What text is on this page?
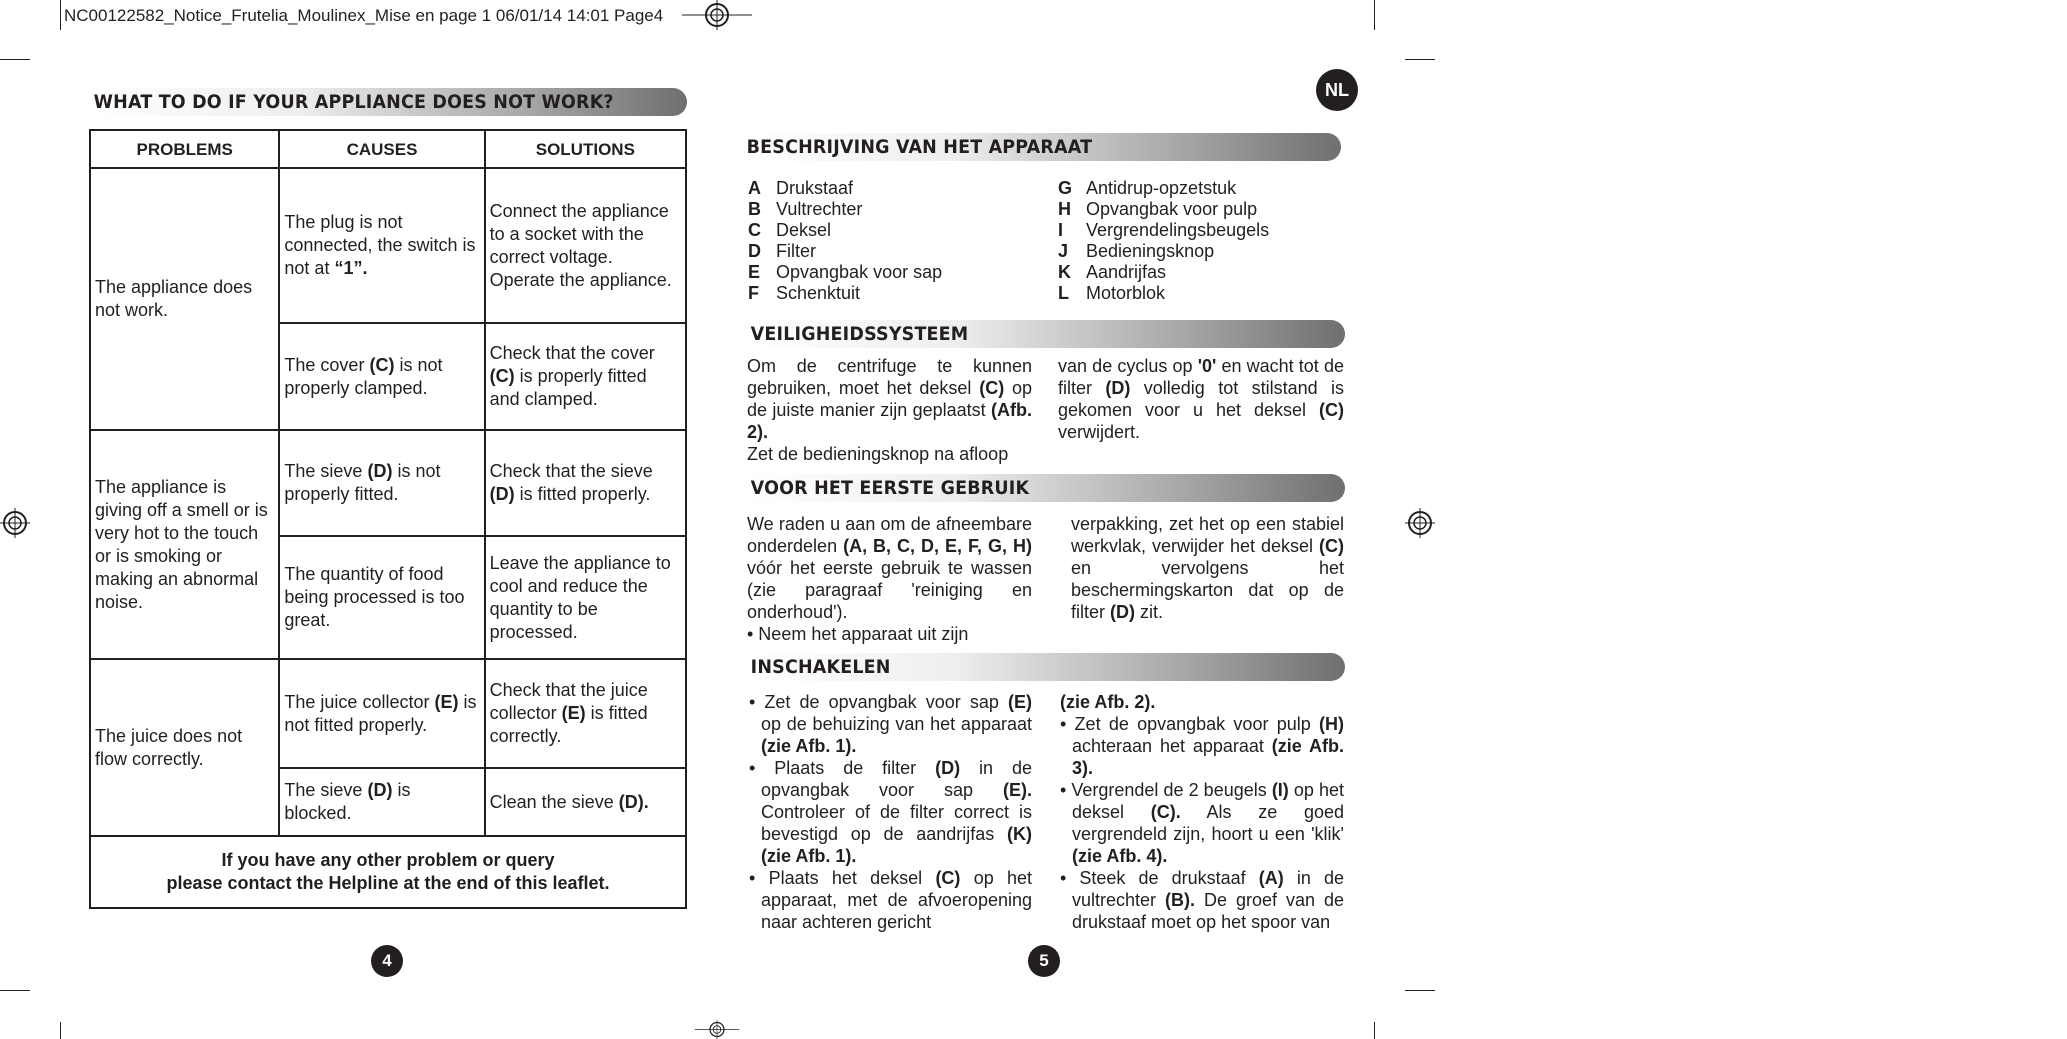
NC00122582_Notice_Frutelia_Moulinex_Mise en page 1 06/01/14 14:01 Page4
WHAT TO DO IF YOUR APPLIANCE DOES NOT WORK?
PROBLEMS	CAUSES	SOLUTIONS
The appliance does not work.	The plug is not connected, the switch is not at “1”.	Connect the appliance to a socket with the correct voltage. Operate the appliance.
	The cover (C) is not properly clamped.	Check that the cover (C) is properly fitted and clamped.
The appliance is giving off a smell or is very hot to the touch or is smoking or making an abnormal noise.	The sieve (D) is not properly fitted.	Check that the sieve (D) is fitted properly.
	The quantity of food being processed is too great.	Leave the appliance to cool and reduce the quantity to be processed.
The juice does not flow correctly.	The juice collector (E) is not fitted properly.	Check that the juice collector (E) is fitted correctly.
	The sieve (D) is blocked.	Clean the sieve (D).

If you have any other problem or query
please contact the Helpline at the end of this leaflet.		
4
NL
BESCHRIJVING VAN HET APPARAAT
A Drukstaaf
B Vultrechter
C Deksel
D Filter
E Opvangbak voor sap
F Schenktuit
G Antidrup-opzetstuk
H Opvangbak voor pulp
I Vergrendelingsbeugels
J Bedieningsknop
K Aandrijfas
L Motorblok
VEILIGHEIDSSYSTEEM

Om de centrifuge te kunnen gebruiken, moet het deksel (C) op de juiste manier zijn geplaatst (Afb. 2).

Zet de bedieningsknop na afloop

van de cyclus op '0' en wacht tot de filter (D) volledig tot stilstand is gekomen voor u het deksel (C) verwijdert.

VOOR HET EERSTE GEBRUIK

We raden u aan om de afneembare onderdelen (A, B, C, D, E, F, G, H) vóór het eerste gebruik te wassen (zie paragraaf 'reiniging en onderhoud').

• Neem het apparaat uit zijn

verpakking, zet het op een stabiel werkvlak, verwijder het deksel (C) en vervolgens het beschermingskarton dat op de filter (D) zit.

INSCHAKELEN

• Zet de opvangbak voor sap (E) op de behuizing van het apparaat (zie Afb. 1).

• Plaats de filter (D) in de opvangbak voor sap (E). Controleer of de filter correct is bevestigd op de aandrijfas (K) (zie Afb. 1).

• Plaats het deksel (C) op het apparaat, met de afvoeropening naar achteren gericht

(zie Afb. 2).

• Zet de opvangbak voor pulp (H) achteraan het apparaat (zie Afb. 3).

• Vergrendel de 2 beugels (I) op het deksel (C). Als ze goed vergrendeld zijn, hoort u een 'klik' (zie Afb. 4).

• Steek de drukstaaf (A) in de vultrechter (B). De groef van de drukstaaf moet op het spoor van

5
